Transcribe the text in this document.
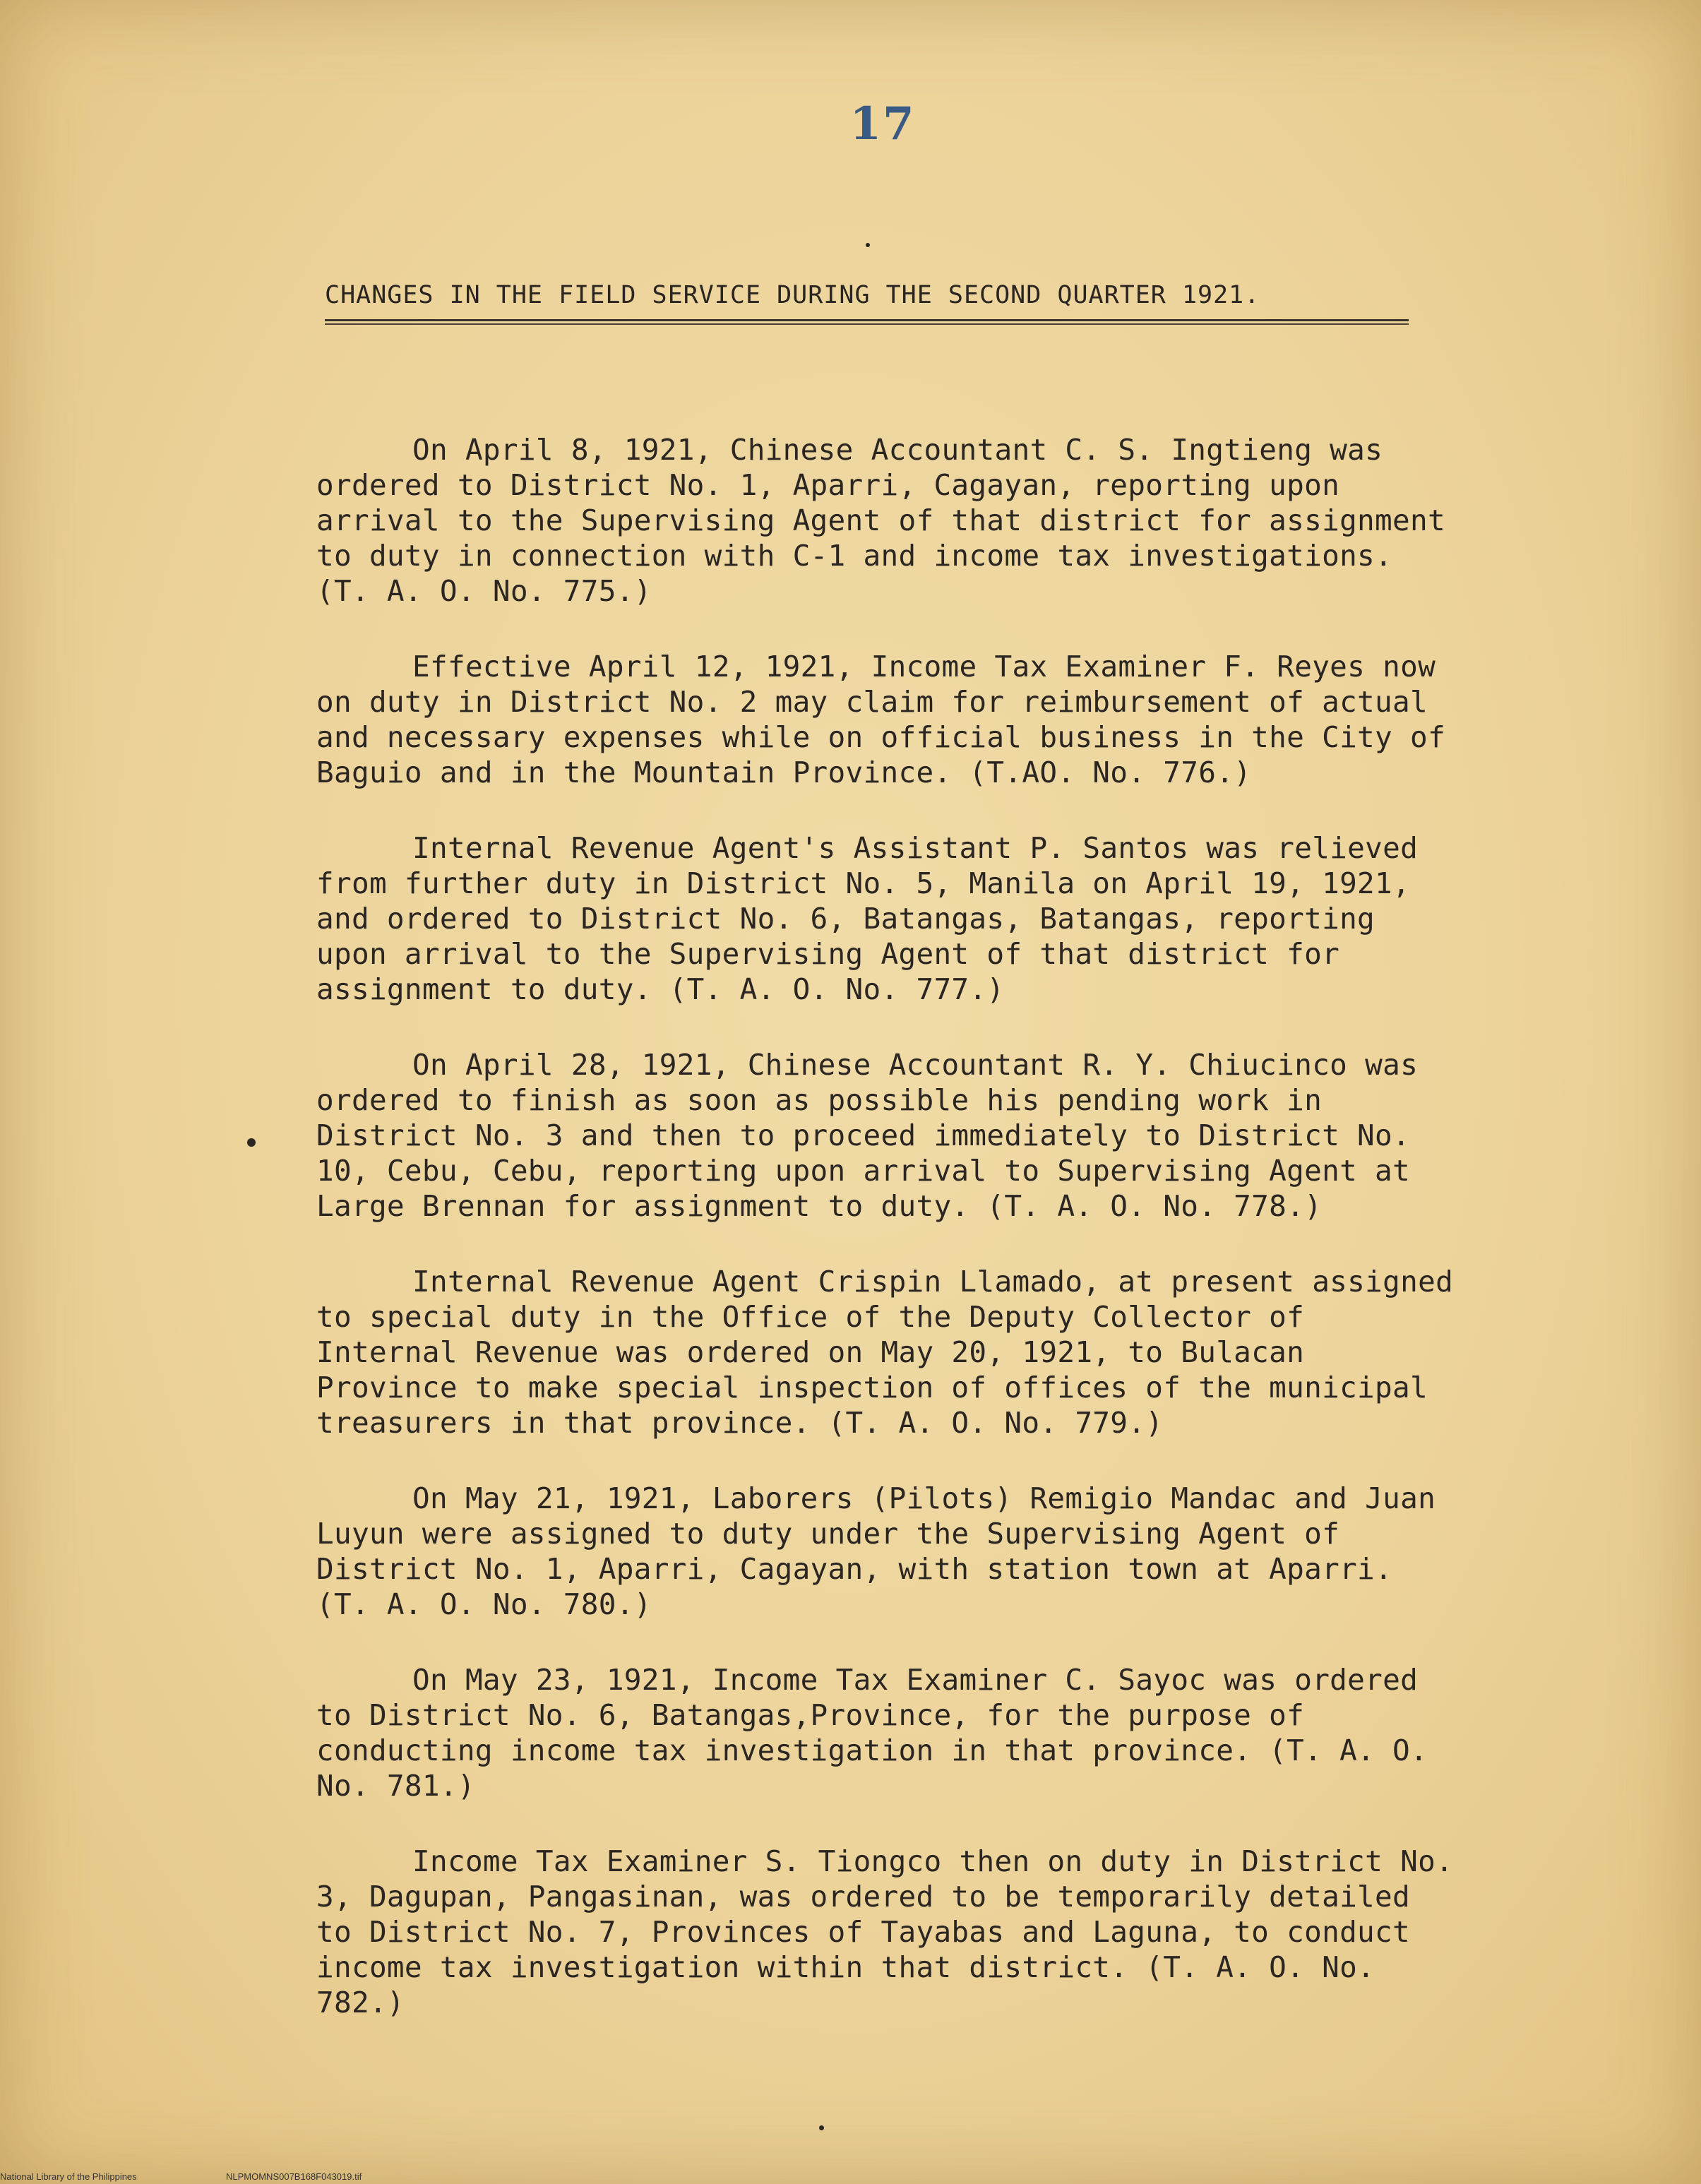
17
CHANGES IN THE FIELD SERVICE DURING THE SECOND QUARTER 1921.

On April 8, 1921, Chinese Accountant C. S. Ingtieng was ordered to District No. 1, Aparri, Cagayan, reporting upon arrival to the Supervising Agent of that district for assignment to duty in connection with C-1 and income tax investigations. (T. A. O. No. 775.)

Effective April 12, 1921, Income Tax Examiner F. Reyes now on duty in District No. 2 may claim for reimbursement of actual and necessary expenses while on official business in the City of Baguio and in the Mountain Province. (T.AO. No. 776.)

Internal Revenue Agent's Assistant P. Santos was relieved from further duty in District No. 5, Manila on April 19, 1921, and ordered to District No. 6, Batangas, Batangas, reporting upon arrival to the Supervising Agent of that district for assignment to duty. (T. A. O. No. 777.)

On April 28, 1921, Chinese Accountant R. Y. Chiucinco was ordered to finish as soon as possible his pending work in District No. 3 and then to proceed immediately to District No. 10, Cebu, Cebu, reporting upon arrival to Supervising Agent at Large Brennan for assignment to duty. (T. A. O. No. 778.)

Internal Revenue Agent Crispin Llamado, at present assigned to special duty in the Office of the Deputy Collector of Internal Revenue was ordered on May 20, 1921, to Bulacan Province to make special inspection of offices of the municipal treasurers in that province. (T. A. O. No. 779.)

On May 21, 1921, Laborers (Pilots) Remigio Mandac and Juan Luyun were assigned to duty under the Supervising Agent of District No. 1, Aparri, Cagayan, with station town at Aparri. (T. A. O. No. 780.)

On May 23, 1921, Income Tax Examiner C. Sayoc was ordered to District No. 6, Batangas,Province, for the purpose of conducting income tax investigation in that province. (T. A. O. No. 781.)

Income Tax Examiner S. Tiongco then on duty in District No. 3, Dagupan, Pangasinan, was ordered to be temporarily detailed to District No. 7, Provinces of Tayabas and Laguna, to conduct income tax investigation within that district. (T. A. O. No. 782.)

National Library of the Philippines	NLPMOMNS007B168F043019.tif
